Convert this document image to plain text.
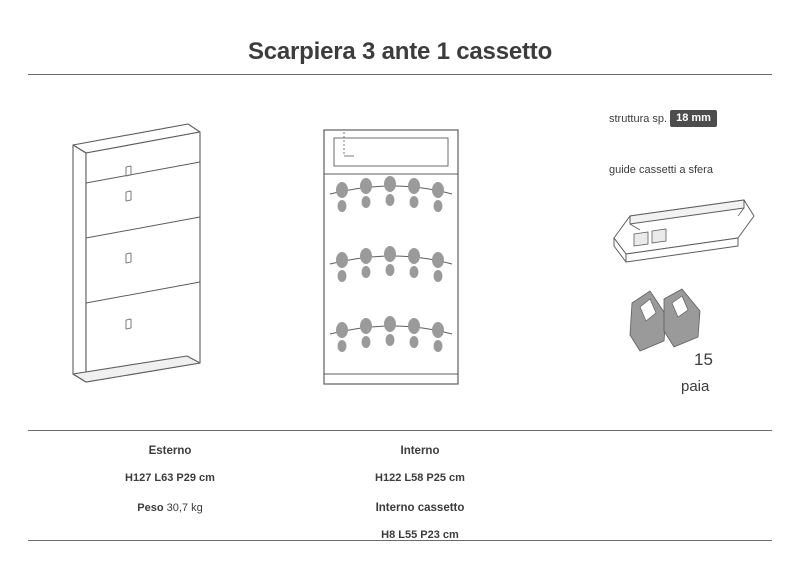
Scarpiera 3 ante 1 cassetto
struttura sp. 18 mm
guide cassetti a sfera
15
paia
Esterno
H127 L63 P29 cm
Peso 30,7 kg
Interno
H122 L58 P25 cm
Interno cassetto
H8 L55 P23 cm
